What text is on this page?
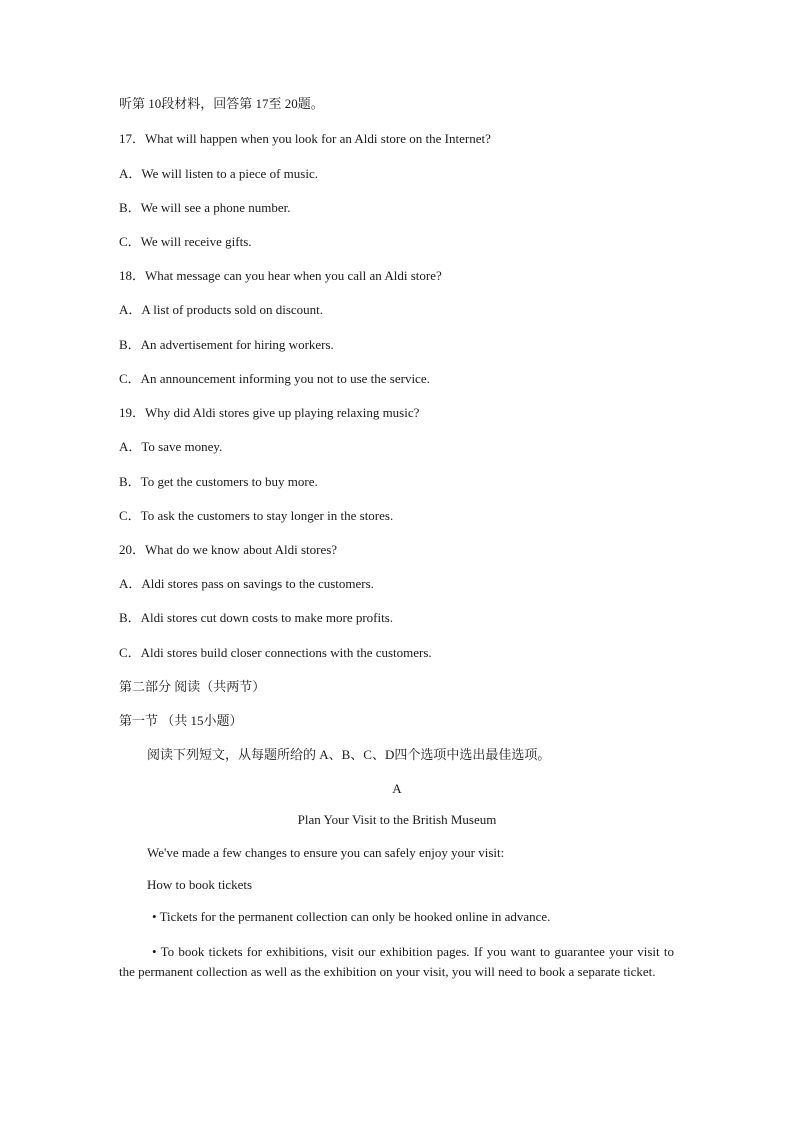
听第 10段材料，回答第 17至 20题。
17．What will happen when you look for an Aldi store on the Internet?
A．We will listen to a piece of music.
B．We will see a phone number.
C．We will receive gifts.
18．What message can you hear when you call an Aldi store?
A．A list of products sold on discount.
B．An advertisement for hiring workers.
C．An announcement informing you not to use the service.
19．Why did Aldi stores give up playing relaxing music?
A．To save money.
B．To get the customers to buy more.
C．To ask the customers to stay longer in the stores.
20．What do we know about Aldi stores?
A．Aldi stores pass on savings to the customers.
B．Aldi stores cut down costs to make more profits.
C．Aldi stores build closer connections with the customers.
第二部分 阅读（共两节）
第一节 （共 15小题）
阅读下列短文，从每题所给的 A、B、C、D四个选项中选出最佳选项。
A
Plan Your Visit to the British Museum
We've made a few changes to ensure you can safely enjoy your visit:
How to book tickets
• Tickets for the permanent collection can only be hooked online in advance.
• To book tickets for exhibitions, visit our exhibition pages. If you want to guarantee your visit to the permanent collection as well as the exhibition on your visit, you will need to book a separate ticket.
